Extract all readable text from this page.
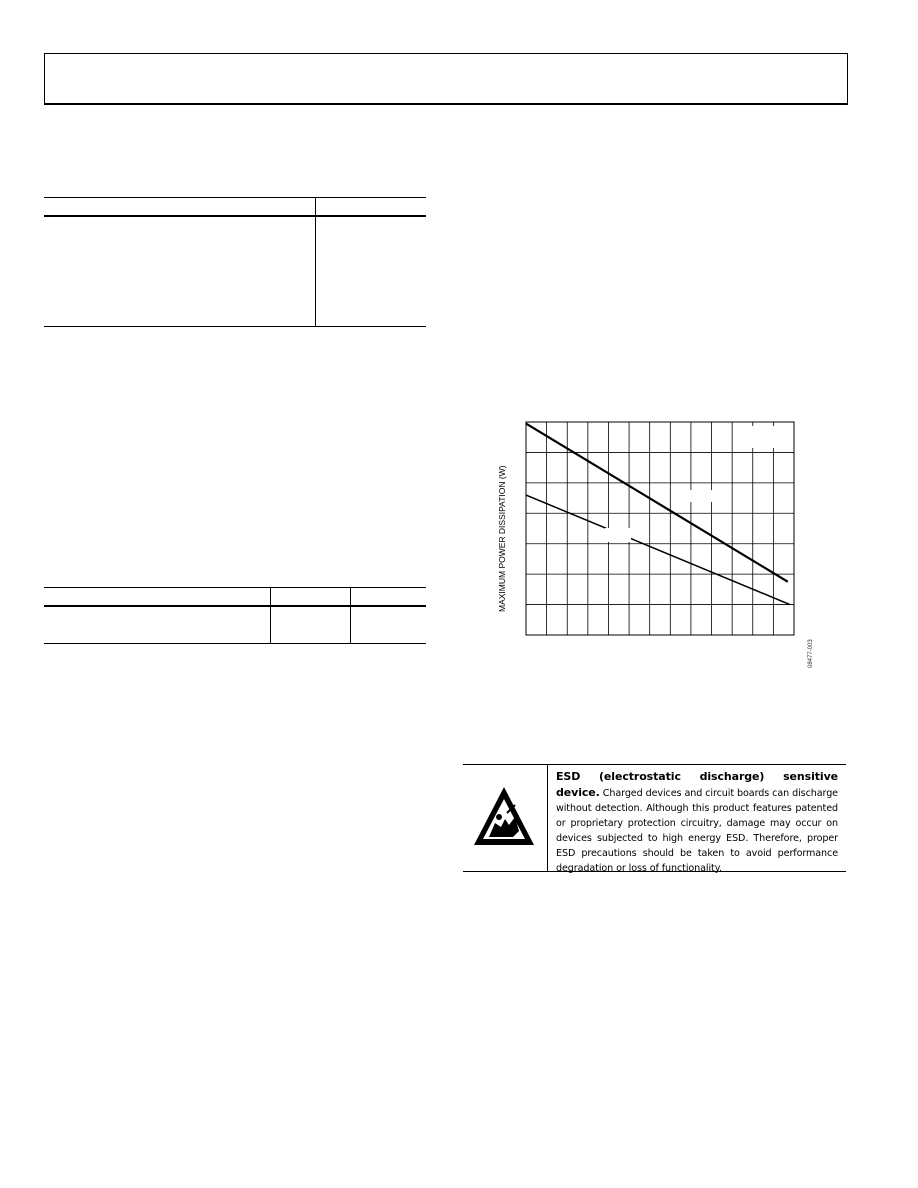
MAXIMUM POWER DISSIPATION (W)
08477-003
ESD (electrostatic discharge) sensitive device. Charged devices and circuit boards can discharge without detection. Although this product features patented or proprietary protection circuitry, damage may occur on devices subjected to high energy ESD. Therefore, proper ESD precautions should be taken to avoid performance degradation or loss of functionality.
